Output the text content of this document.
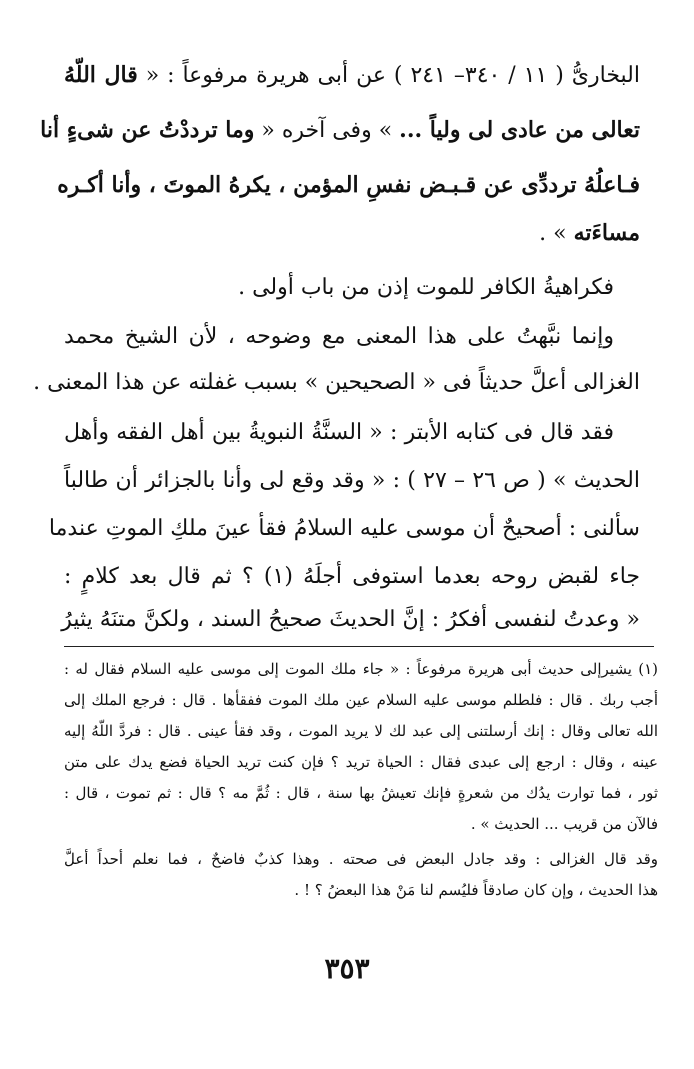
البخارىُّ ( ١١ / ٣٤٠– ٢٤١ ) عن أبى هريرة مرفوعاً : « قال اللّهُ
تعالى من عادى لى ولياً ... » وفى آخره « وما ترددْتُ عن شىءٍ أنا
فـاعلُهُ ترددِّى عن قـبـض نفسِ المؤمن ، يكرهُ الموتَ ، وأنا أكـره
مساءَته » .
فكراهيةُ الكافر للموت إذن من باب أولى .
وإنما نبَّهتُ على هذا المعنى مع وضوحه ، لأن الشيخ محمد
الغزالى أعلَّ حديثاً فى « الصحيحين » بسبب غفلته عن هذا المعنى .
فقد قال فى كتابه الأبتر : « السنَّةُ النبويةُ بين أهل الفقه وأهل
الحديث » ( ص ٢٦ – ٢٧ ) : « وقد وقع لى وأنا بالجزائر أن طالباً
سألنى : أصحيحٌ أن موسى عليه السلامُ فقأ عينَ ملكِ الموتِ عندما
جاء لقبض روحه بعدما استوفى أجلَهُ (١) ؟ ثم قال بعد كلامٍ :
« وعدتُ لنفسى أفكرُ : إنَّ الحديثَ صحيحُ السند ، ولكنَّ متنَهُ يثيرُ
(١) يشيرإلى حديث أبى هريرة مرفوعاً : « جاء ملك الموت إلى موسى عليه السلام فقال له :
أجب ربك . قال : فلطلم موسى عليه السلام عين ملك الموت ففقأها . قال : فرجع الملك إلى
الله تعالى وقال : إنك أرسلتنى إلى عبد لك لا يريد الموت ، وقد فقأ عينى . قال : فردَّ اللّهُ إليه
عينه ، وقال : ارجع إلى عبدى فقال : الحياة تريد ؟ فإن كنت تريد الحياة فضع يدك على متن
ثور ، فما توارت يدُك من شعرةٍ فإنك تعيشُ بها سنة ، قال : ثُمَّ مه ؟ قال : ثم تموت ، قال :
فالآن من قريب ... الحديث » .
وقد قال الغزالى : وقد جادل البعض فى صحته . وهذا كذبٌ فاضحٌ ، فما نعلم أحداً أعلَّ
هذا الحديث ، وإن كان صادقاً فليُسم لنا مَنْ هذا البعضُ ؟ ! .
٣٥٣
